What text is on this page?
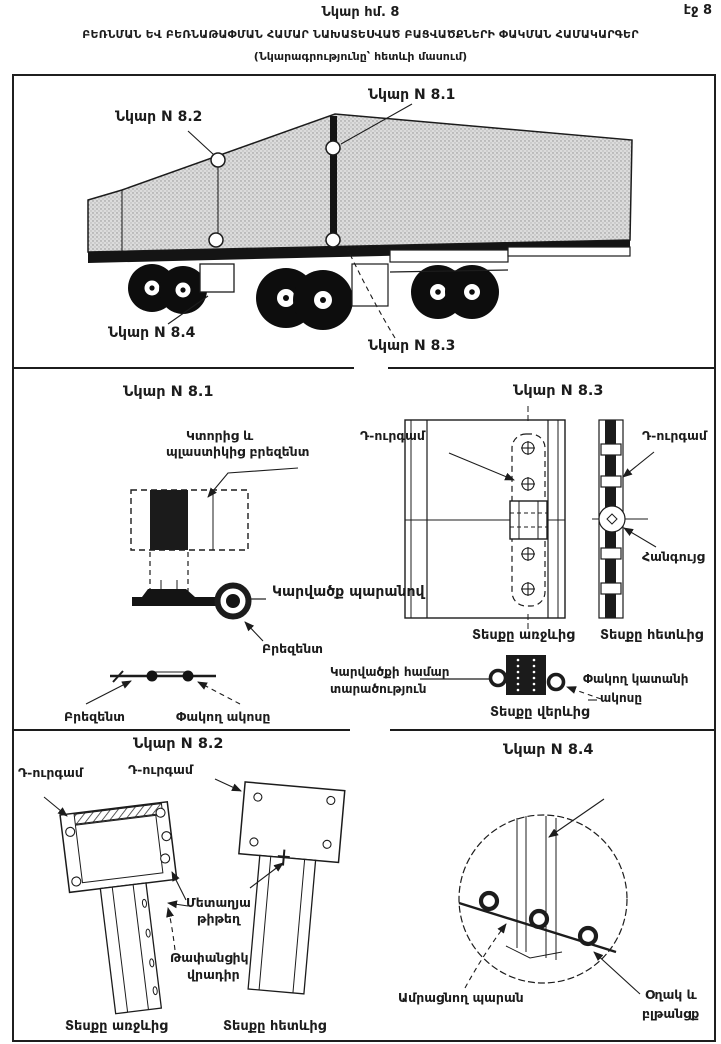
Նկար հմ. 8	էջ 8
ԲԵՌՆՄԱՆ ԵՎ ԲԵՌՆԱԹԱՓՄԱՆ ՀԱՄԱՐ ՆԱԽԱՏԵՍՎԱԾ ԲԱՑՎԱԾՔՆԵՐԻ ՓԱԿՄԱՆ ՀԱՄԱԿԱՐԳԵՐ
(Նկարագրությունը՝ հետևի մասում)
Նկար N 8.2
Նկար N 8.1
Նկար N 8.4
Նկար N 8.3
Նկար N 8.1	Նկար N 8.3
Կտորից և
պլաստիկից բրեզենտ
Կարվածք պարանով
Բրեզենտ
Բրեզենտ	Փակող ակոսը
Դ-ուրգամ	Դ-ուրգամ
Հանգույց
Տեսքը առջևից Տեսքը հետևից
Կարվածքի համար
տարածություն
Փակող կատանի
ակոսը
Տեսքը վերևից
Նկար N 8.2	Նկար N 8.4
Դ-ուրգամ	Դ-ուրգամ
Մետաղյա
թիթեղ
Թափանցիկ
վրադիր
Տեսքը առջևից	Տեսքը հետևից
Ամրացնող պարան	Օղակ և
բլթանցք
